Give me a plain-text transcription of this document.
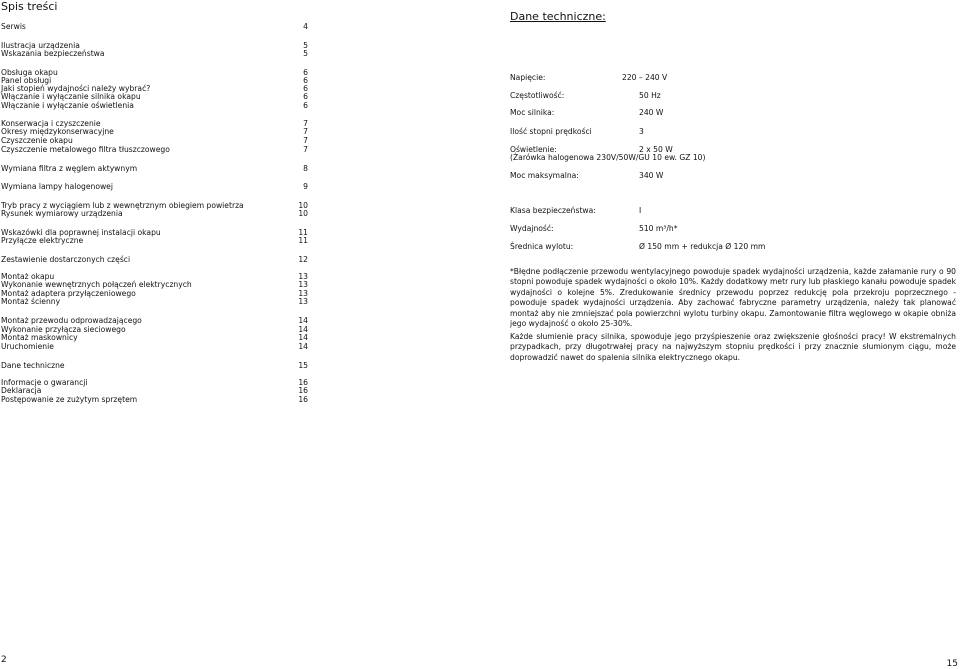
Spis treści
Serwis	4
Ilustracja urządzenia	5
Wskazania bezpieczeństwa	5
Obsługa okapu	6
Panel obsługi	6
Jaki stopień wydajności należy wybrać?	6
Włączanie i wyłączanie silnika okapu	6
Włączanie i wyłączanie oświetlenia	6
Konserwacja i czyszczenie	7
Okresy międzykonserwacyjne	7
Czyszczenie okapu	7
Czyszczenie metalowego filtra tłuszczowego	7
Wymiana filtra z węglem aktywnym	8
Wymiana lampy halogenowej	9
Tryb pracy z wyciągiem lub z wewnętrznym obiegiem powietrza	10
Rysunek wymiarowy urządzenia	10
Wskazówki dla poprawnej instalacji okapu	11
Przyłącze elektryczne	11
Zestawienie dostarczonych części	12
Montaż okapu	13
Wykonanie wewnętrznych połączeń elektrycznych	13
Montaż adaptera przyłączeniowego	13
Montaż ścienny	13
Montaż przewodu odprowadzającego	14
Wykonanie przyłącza sieciowego	14
Montaż maskownicy	14
Uruchomienie	14
Dane techniczne	15
Informacje o gwarancji	16
Deklaracja	16
Postępowanie ze zużytym sprzętem	16
Dane techniczne:
Napięcie:	220 – 240 V
Częstotliwość:	50 Hz
Moc silnika:	240 W
Ilość stopni prędkości	3
Oświetlenie:	2 x 50 W
(Żarówka halogenowa 230V/50W/GU 10 ew. GZ 10)
Moc maksymalna:	340 W
Klasa bezpieczeństwa:	I
Wydajność:	510 m³/h*
Średnica wylotu:	Ø 150 mm + redukcja Ø 120 mm
*Błędne podłączenie przewodu wentylacyjnego powoduje spadek wydajności urządzenia, każde załamanie rury o 90 stopni powoduje spadek wydajności o około 10%. Każdy dodatkowy metr rury lub płaskiego kanału powoduje spadek wydajności o kolejne 5%. Zredukowanie średnicy przewodu poprzez redukcję pola przekroju poprzecznego - powoduje spadek wydajności urządzenia. Aby zachować fabryczne parametry urządzenia, należy tak planować montaż aby nie zmniejszać pola powierzchni wylotu turbiny okapu. Zamontowanie filtra węglowego w okapie obniża jego wydajność o około 25-30%.
Każde słumienie pracy silnika, spowoduje jego przyśpieszenie oraz zwiększenie głośności pracy! W ekstremalnych przypadkach, przy długotrwałej pracy na najwyższym stopniu prędkości i przy znacznie słumionym ciągu, może doprowadzić nawet do spalenia silnika elektrycznego okapu.
2	15
